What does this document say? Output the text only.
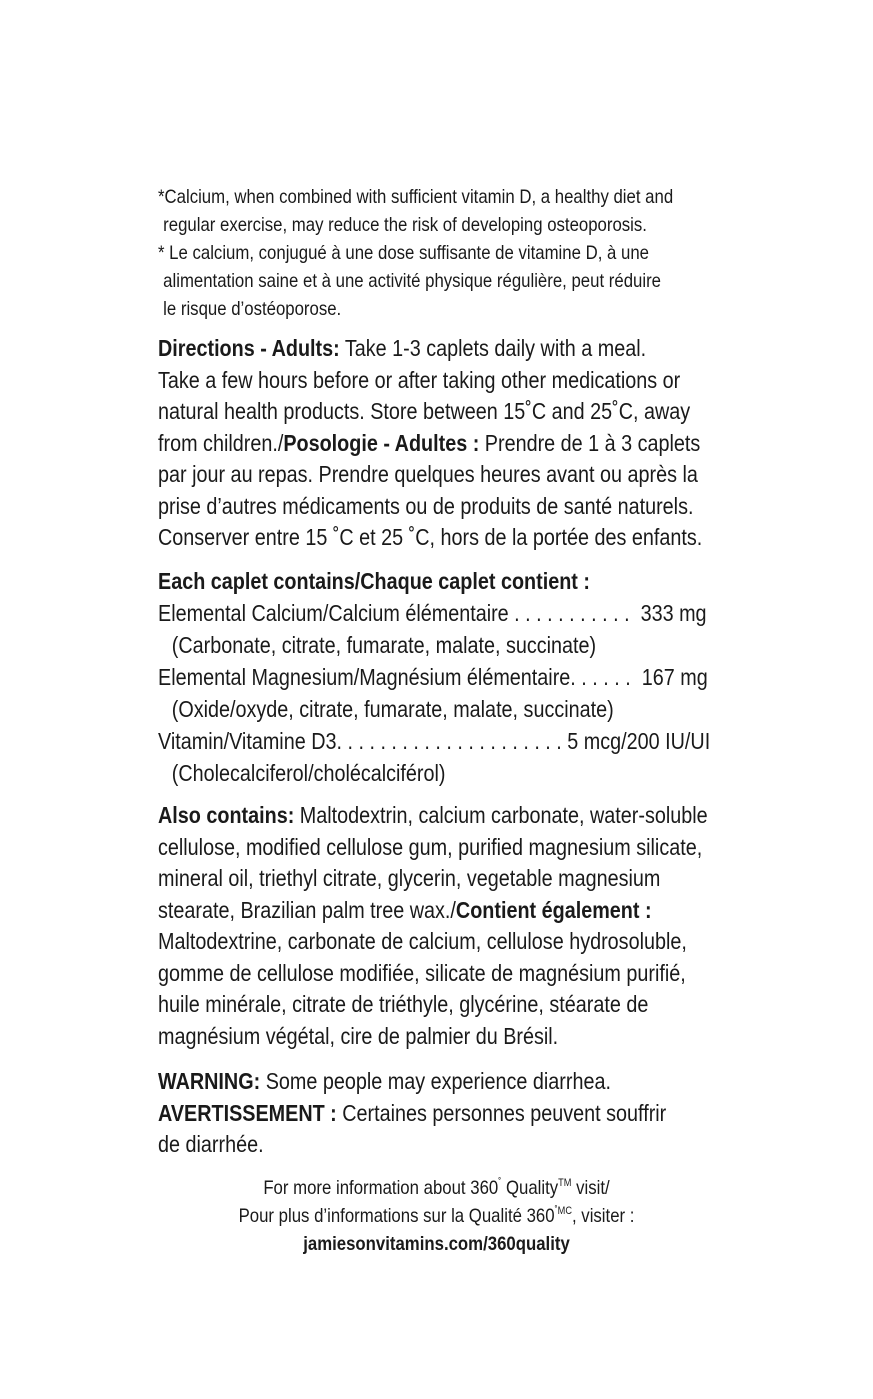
*Calcium, when combined with sufficient vitamin D, a healthy diet and
regular exercise, may reduce the risk of developing osteoporosis.
* Le calcium, conjugué à une dose suffisante de vitamine D, à une
alimentation saine et à une activité physique régulière, peut réduire
le risque d’ostéoporose.
Directions - Adults: Take 1-3 caplets daily with a meal.
Take a few hours before or after taking other medications or
natural health products. Store between 15˚C and 25˚C, away
from children./Posologie - Adultes : Prendre de 1 à 3 caplets
par jour au repas. Prendre quelques heures avant ou après la
prise d’autres médicaments ou de produits de santé naturels.
Conserver entre 15 ˚C et 25 ˚C, hors de la portée des enfants.
Each caplet contains/Chaque caplet contient :
Elemental Calcium/Calcium élémentaire . . . . . . . . . . . 333 mg
(Carbonate, citrate, fumarate, malate, succinate)
Elemental Magnesium/Magnésium élémentaire. . . . . . 167 mg
(Oxide/oxyde, citrate, fumarate, malate, succinate)
Vitamin/Vitamine D3. . . . . . . . . . . . . . . . . . . . . 5 mcg/200 IU/UI
(Cholecalciferol/cholécalciférol)
Also contains: Maltodextrin, calcium carbonate, water-soluble
cellulose, modified cellulose gum, purified magnesium silicate,
mineral oil, triethyl citrate, glycerin, vegetable magnesium
stearate, Brazilian palm tree wax./Contient également :
Maltodextrine, carbonate de calcium, cellulose hydrosoluble,
gomme de cellulose modifiée, silicate de magnésium purifié,
huile minérale, citrate de triéthyle, glycérine, stéarate de
magnésium végétal, cire de palmier du Brésil.
WARNING: Some people may experience diarrhea.
AVERTISSEMENT : Certaines personnes peuvent souffrir
de diarrhée.
For more information about 360˚ Quality™ visit/
Pour plus d’informations sur la Qualité $360^{˚MC}$, visiter :
jamiesonvitamins.com/360quality
